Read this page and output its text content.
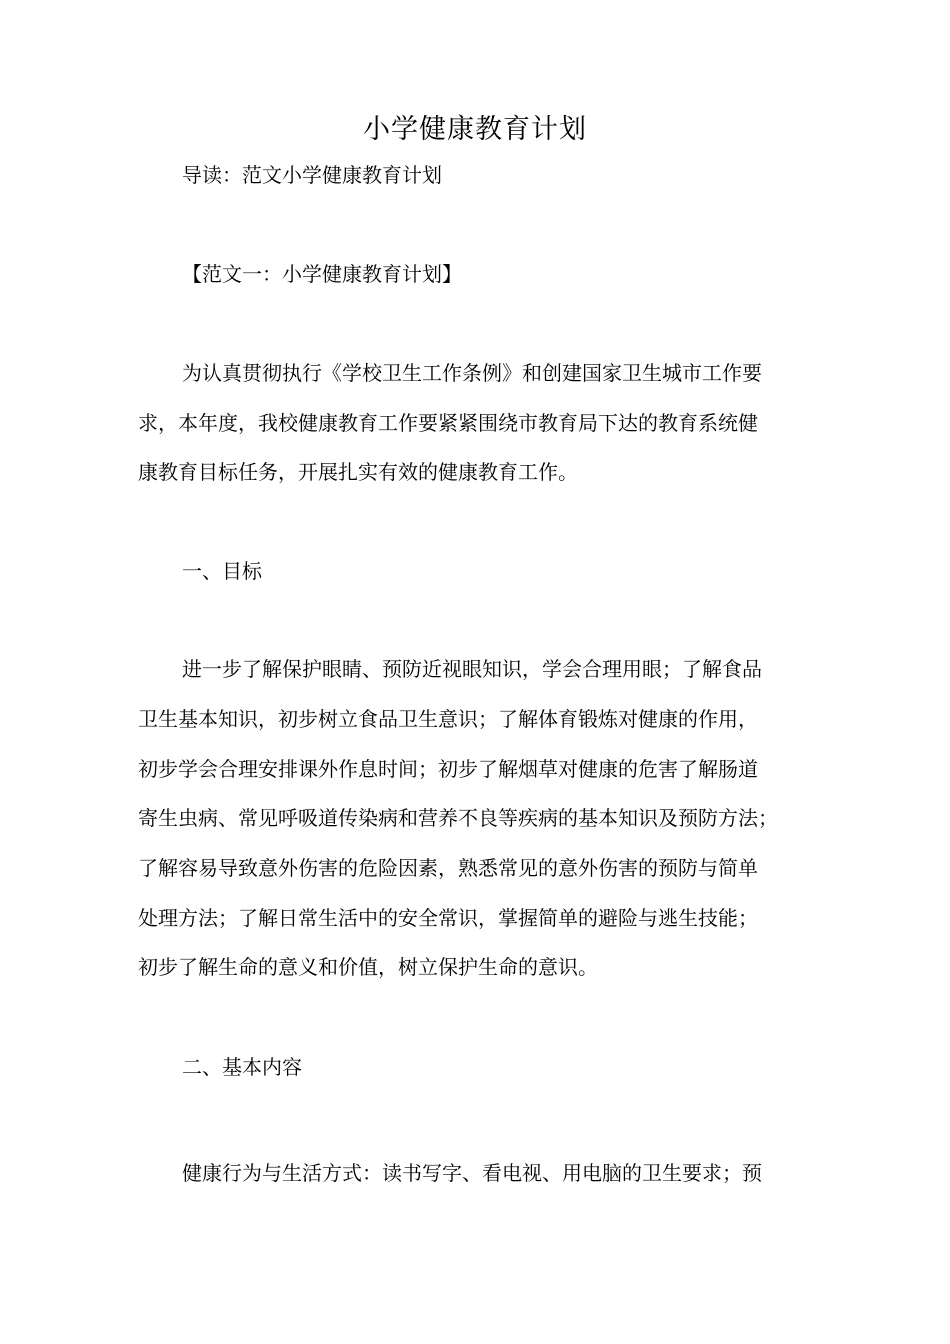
小学健康教育计划
导读：范文小学健康教育计划
【范文一：小学健康教育计划】
为认真贯彻执行《学校卫生工作条例》和创建国家卫生城市工作要
求，本年度，我校健康教育工作要紧紧围绕市教育局下达的教育系统健
康教育目标任务，开展扎实有效的健康教育工作。
一、目标
进一步了解保护眼睛、预防近视眼知识，学会合理用眼；了解食品
卫生基本知识，初步树立食品卫生意识；了解体育锻炼对健康的作用，
初步学会合理安排课外作息时间；初步了解烟草对健康的危害了解肠道
寄生虫病、常见呼吸道传染病和营养不良等疾病的基本知识及预防方法；
了解容易导致意外伤害的危险因素，熟悉常见的意外伤害的预防与简单
处理方法；了解日常生活中的安全常识，掌握简单的避险与逃生技能；
初步了解生命的意义和价值，树立保护生命的意识。
二、基本内容
健康行为与生活方式：读书写字、看电视、用电脑的卫生要求；预
